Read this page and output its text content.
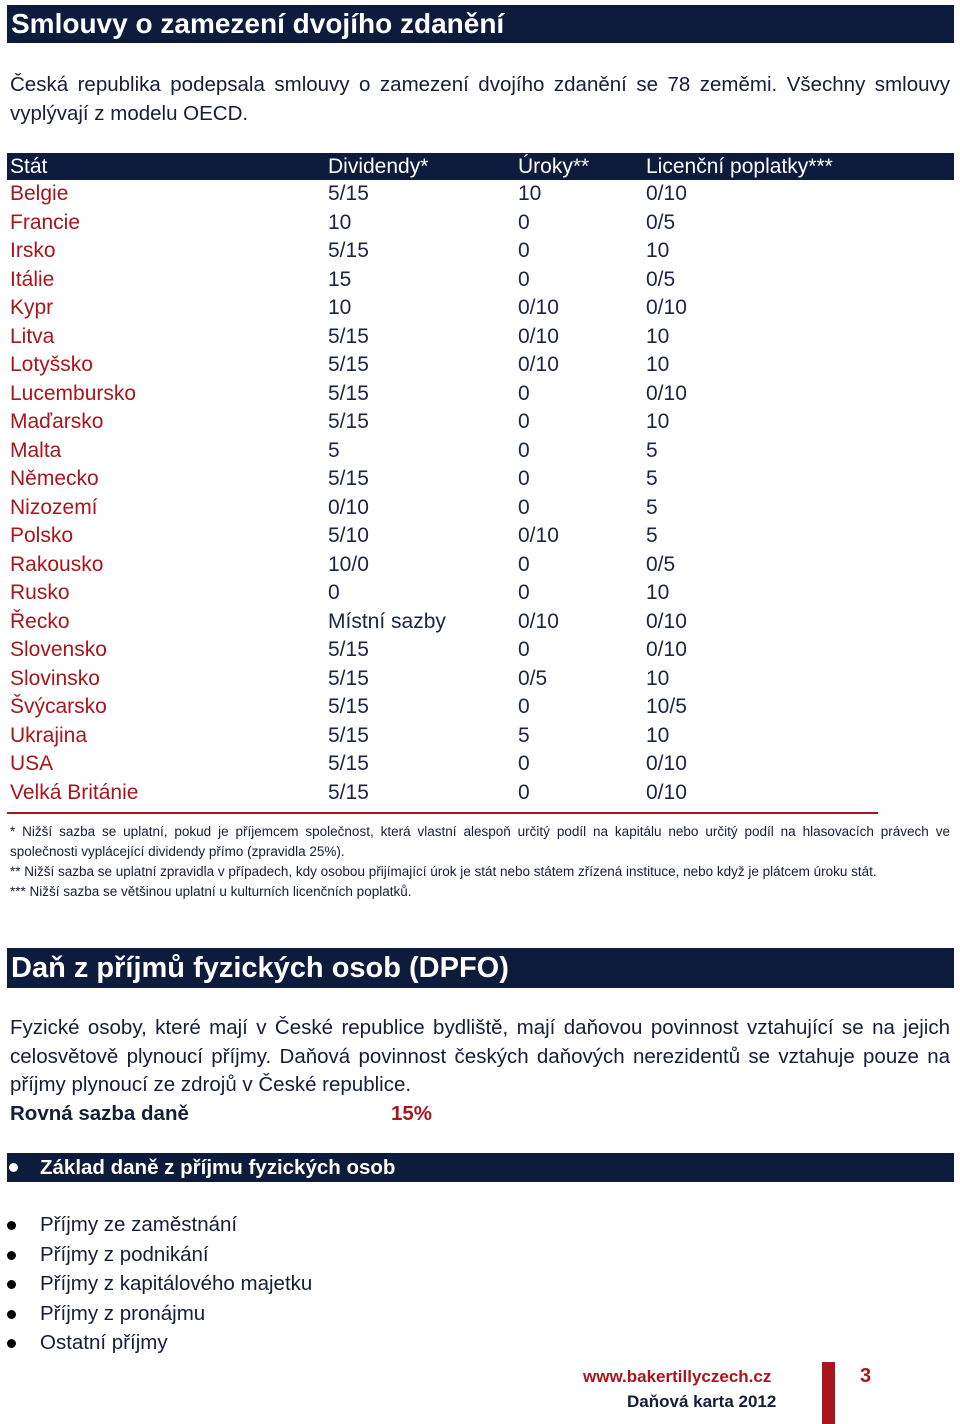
Smlouvy o zamezení dvojího zdanění

Česká republika podepsala smlouvy o zamezení dvojího zdanění se 78 zeměmi. Všechny smlouvy vyplývají z modelu OECD.

Stát	Dividendy*	Úroky**	Licenční poplatky***
Belgie	5/15	10	0/10
Francie	10	0	0/5
Irsko	5/15	0	10
Itálie	15	0	0/5
Kypr	10	0/10	0/10
Litva	5/15	0/10	10
Lotyšsko	5/15	0/10	10
Lucembursko	5/15	0	0/10
Maďarsko	5/15	0	10
Malta	5	0	5
Německo	5/15	0	5
Nizozemí	0/10	0	5
Polsko	5/10	0/10	5
Rakousko	10/0	0	0/5
Rusko	0	0	10
Řecko	Místní sazby	0/10	0/10
Slovensko	5/15	0	0/10
Slovinsko	5/15	0/5	10
Švýcarsko	5/15	0	10/5
Ukrajina	5/15	5	10
USA	5/15	0	0/10
Velká Británie	5/15	0	0/10

* Nižší sazba se uplatní, pokud je příjemcem společnost, která vlastní alespoň určitý podíl na kapitálu nebo určitý podíl na hlasovacích právech ve společnosti vyplácející dividendy přímo (zpravidla 25%).

** Nižší sazba se uplatní zpravidla v případech, kdy osobou přijímající úrok je stát nebo státem zřízená instituce, nebo když je plátcem úroku stát.

*** Nižší sazba se většinou uplatní u kulturních licenčních poplatků.

Daň z příjmů fyzických osob (DPFO)

Fyzické osoby, které mají v České republice bydliště, mají daňovou povinnost vztahující se na jejich celosvětově plynoucí příjmy. Daňová povinnost českých daňových nerezidentů se vztahuje pouze na příjmy plynoucí ze zdrojů v České republice.

Rovná sazba daně	15%
Základ daně z příjmu fyzických osob
Příjmy ze zaměstnání
Příjmy z podnikání
Příjmy z kapitálového majetku
Příjmy z pronájmu
Ostatní příjmy
www.bakertillyczech.cz
Daňová karta 2012
3
